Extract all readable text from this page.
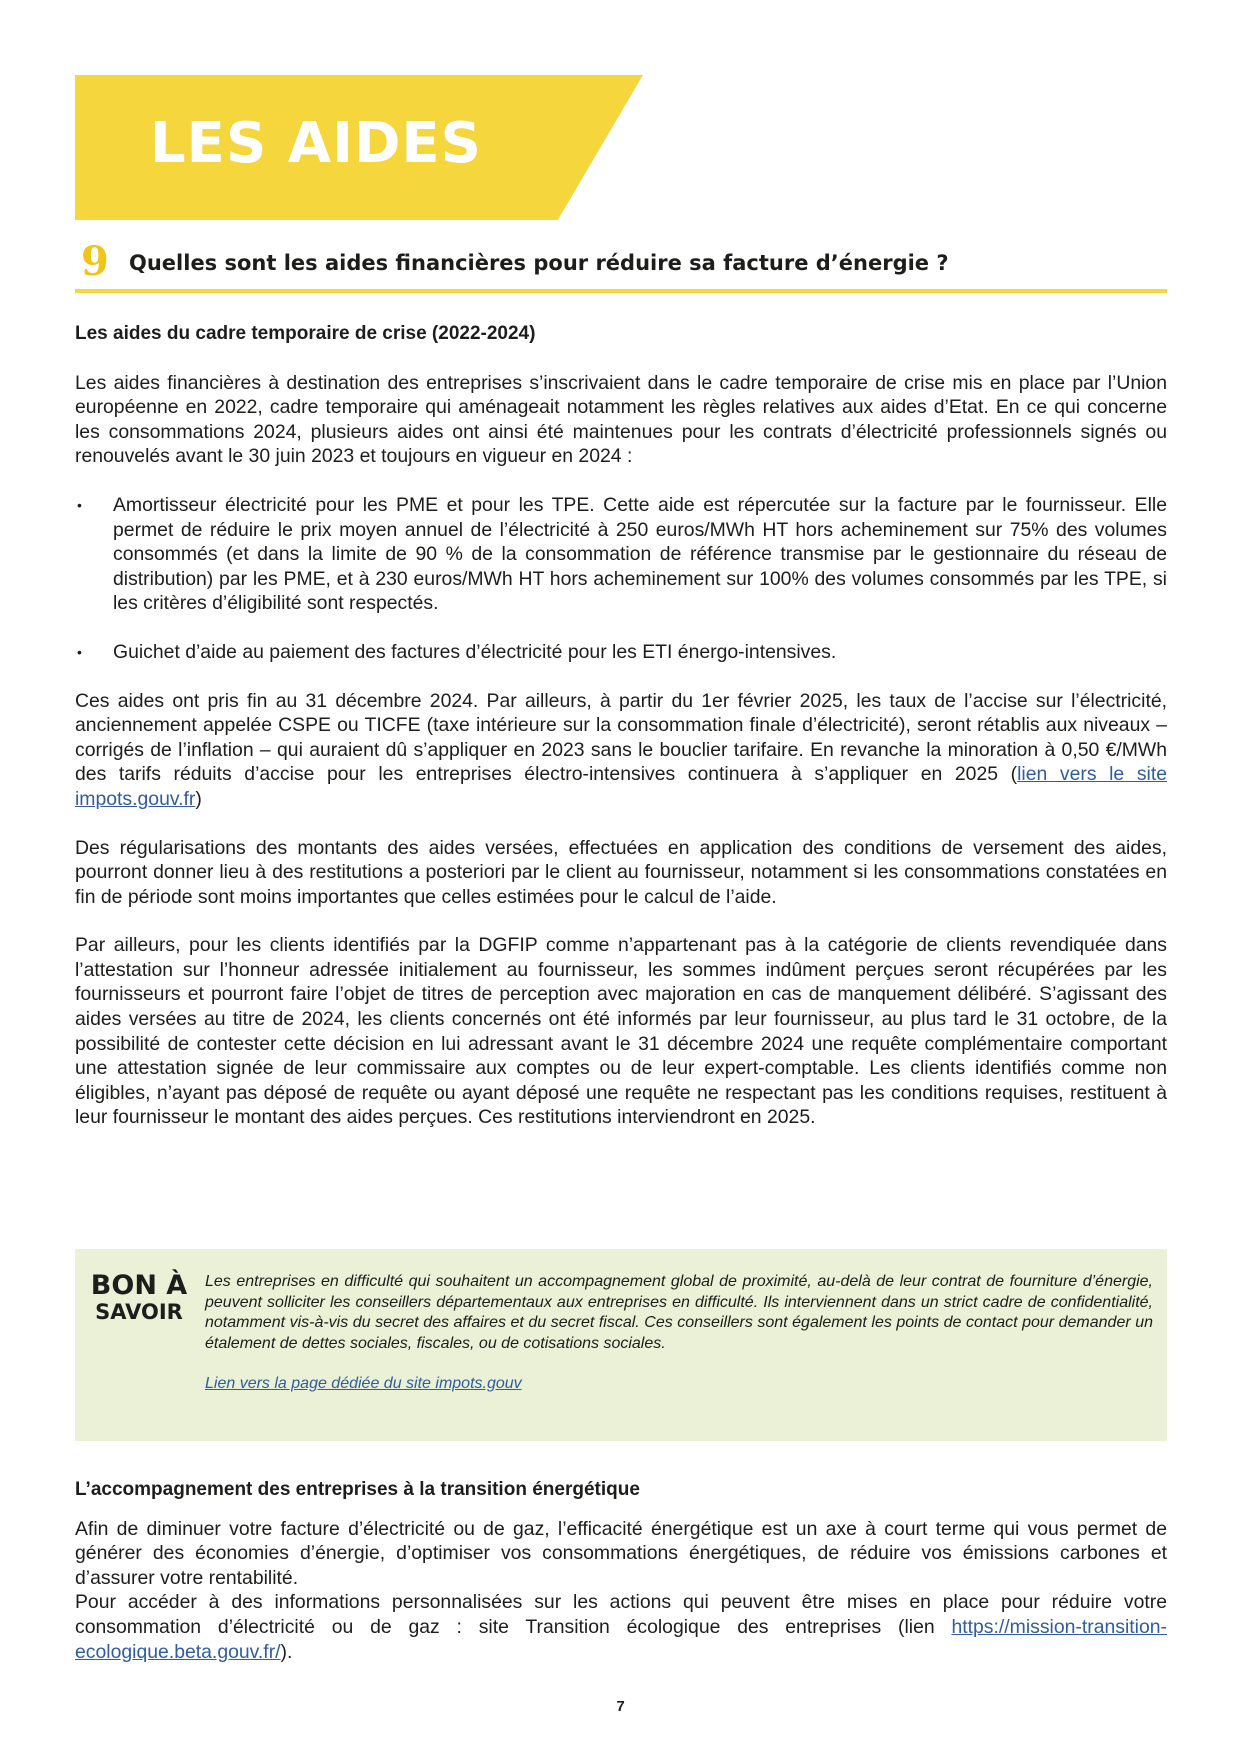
LES AIDES
9 Quelles sont les aides financières pour réduire sa facture d’énergie ?
Les aides du cadre temporaire de crise (2022-2024)

Les aides financières à destination des entreprises s’inscrivaient dans le cadre temporaire de crise mis en place par l’Union européenne en 2022, cadre temporaire qui aménageait notamment les règles relatives aux aides d’Etat. En ce qui concerne les consommations 2024, plusieurs aides ont ainsi été maintenues pour les contrats d’électricité professionnels signés ou renouvelés avant le 30 juin 2023 et toujours en vigueur en 2024 :

• Amortisseur électricité pour les PME et pour les TPE. Cette aide est répercutée sur la facture par le fournisseur. Elle permet de réduire le prix moyen annuel de l’électricité à 250 euros/MWh HT hors acheminement sur 75% des volumes consommés (et dans la limite de 90 % de la consommation de référence transmise par le gestionnaire du réseau de distribution) par les PME, et à 230 euros/MWh HT hors acheminement sur 100% des volumes consommés par les TPE, si les critères d’éligibilité sont respectés.
• Guichet d’aide au paiement des factures d’électricité pour les ETI énergo-intensives.

Ces aides ont pris fin au 31 décembre 2024. Par ailleurs, à partir du 1er février 2025, les taux de l’accise sur l’électricité, anciennement appelée CSPE ou TICFE (taxe intérieure sur la consommation finale d’électricité), seront rétablis aux niveaux – corrigés de l’inflation – qui auraient dû s’appliquer en 2023 sans le bouclier tarifaire. En revanche la minoration à 0,50 €/MWh des tarifs réduits d’accise pour les entreprises électro-intensives continuera à s’appliquer en 2025 (lien vers le site impots.gouv.fr)

Des régularisations des montants des aides versées, effectuées en application des conditions de versement des aides, pourront donner lieu à des restitutions a posteriori par le client au fournisseur, notamment si les consommations constatées en fin de période sont moins importantes que celles estimées pour le calcul de l’aide.

Par ailleurs, pour les clients identifiés par la DGFIP comme n’appartenant pas à la catégorie de clients revendiquée dans l’attestation sur l’honneur adressée initialement au fournisseur, les sommes indûment perçues seront récupérées par les fournisseurs et pourront faire l’objet de titres de perception avec majoration en cas de manquement délibéré. S’agissant des aides versées au titre de 2024, les clients concernés ont été informés par leur fournisseur, au plus tard le 31 octobre, de la possibilité de contester cette décision en lui adressant avant le 31 décembre 2024 une requête complémentaire comportant une attestation signée de leur commissaire aux comptes ou de leur expert-comptable. Les clients identifiés comme non éligibles, n’ayant pas déposé de requête ou ayant déposé une requête ne respectant pas les conditions requises, restituent à leur fournisseur le montant des aides perçues. Ces restitutions interviendront en 2025.

BON À
SAVOIR

Les entreprises en difficulté qui souhaitent un accompagnement global de proximité, au-delà de leur contrat de fourniture d’énergie, peuvent solliciter les conseillers départementaux aux entreprises en difficulté. Ils interviennent dans un strict cadre de confidentialité, notamment vis-à-vis du secret des affaires et du secret fiscal. Ces conseillers sont également les points de contact pour demander un étalement de dettes sociales, fiscales, ou de cotisations sociales.

Lien vers la page dédiée du site impots.gouv

L’accompagnement des entreprises à la transition énergétique

Afin de diminuer votre facture d’électricité ou de gaz, l’efficacité énergétique est un axe à court terme qui vous permet de générer des économies d’énergie, d’optimiser vos consommations énergétiques, de réduire vos émissions carbones et d’assurer votre rentabilité.

Pour accéder à des informations personnalisées sur les actions qui peuvent être mises en place pour réduire votre consommation d’électricité ou de gaz : site Transition écologique des entreprises (lien https://mission-transition-ecologique.beta.gouv.fr/).

7
